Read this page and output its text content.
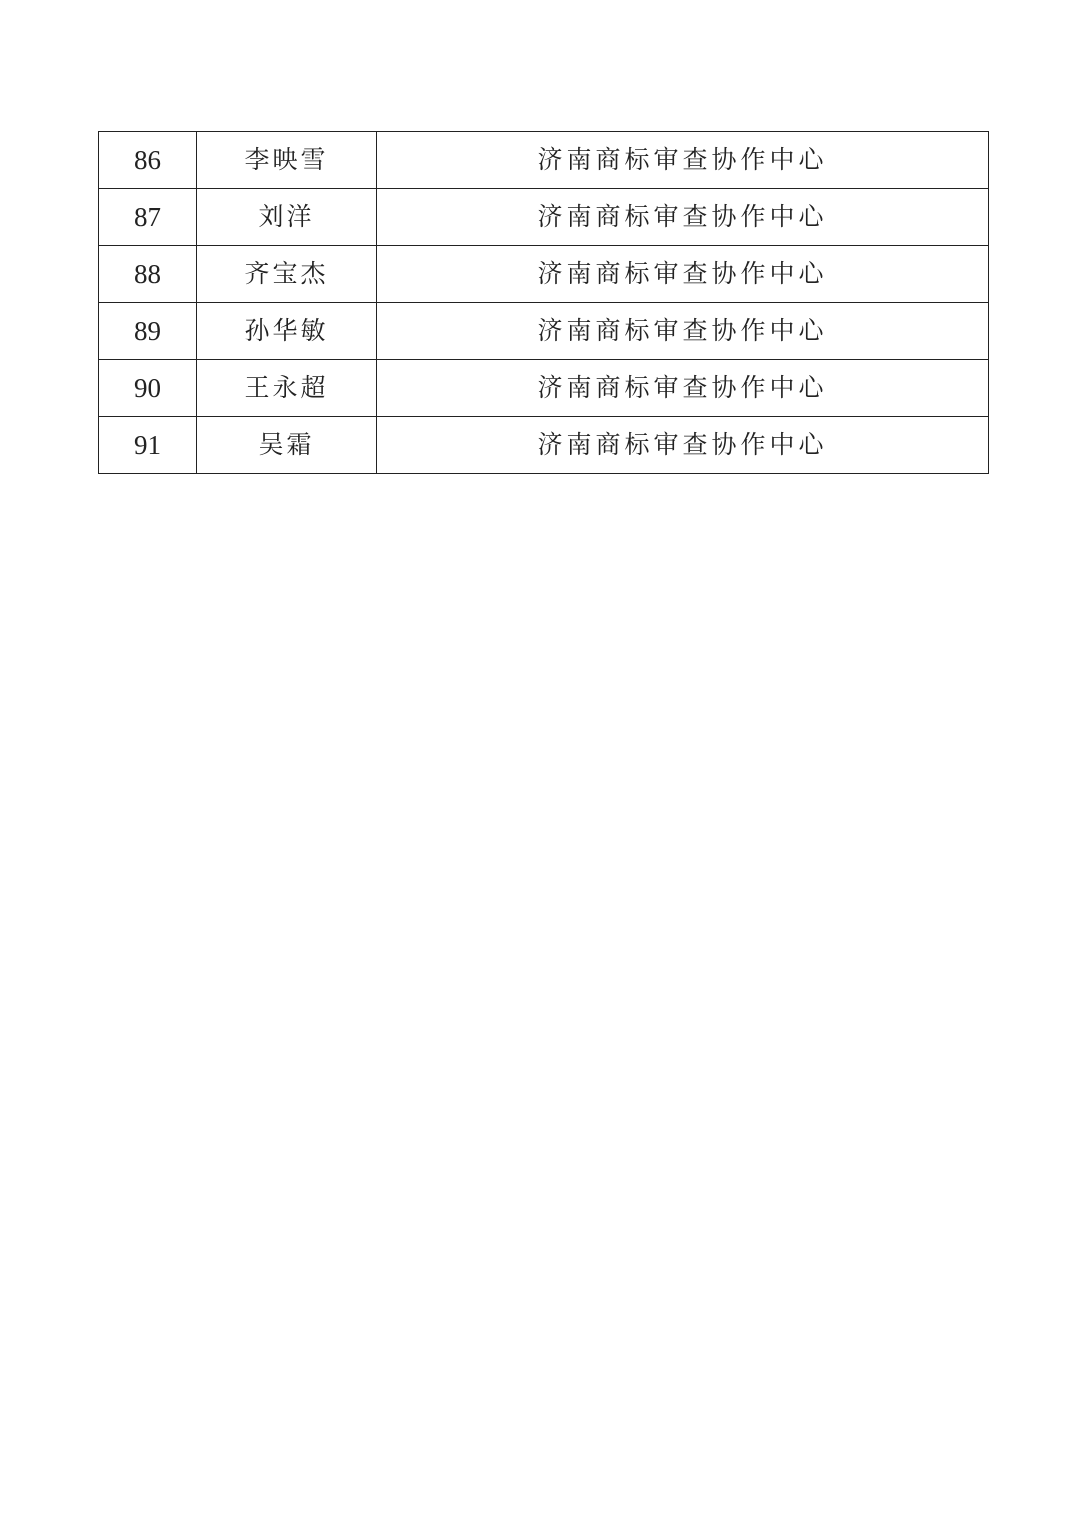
86	李映雪	济南商标审查协作中心
87	刘洋	济南商标审查协作中心
88	齐宝杰	济南商标审查协作中心
89	孙华敏	济南商标审查协作中心
90	王永超	济南商标审查协作中心
91	吴霜	济南商标审查协作中心
